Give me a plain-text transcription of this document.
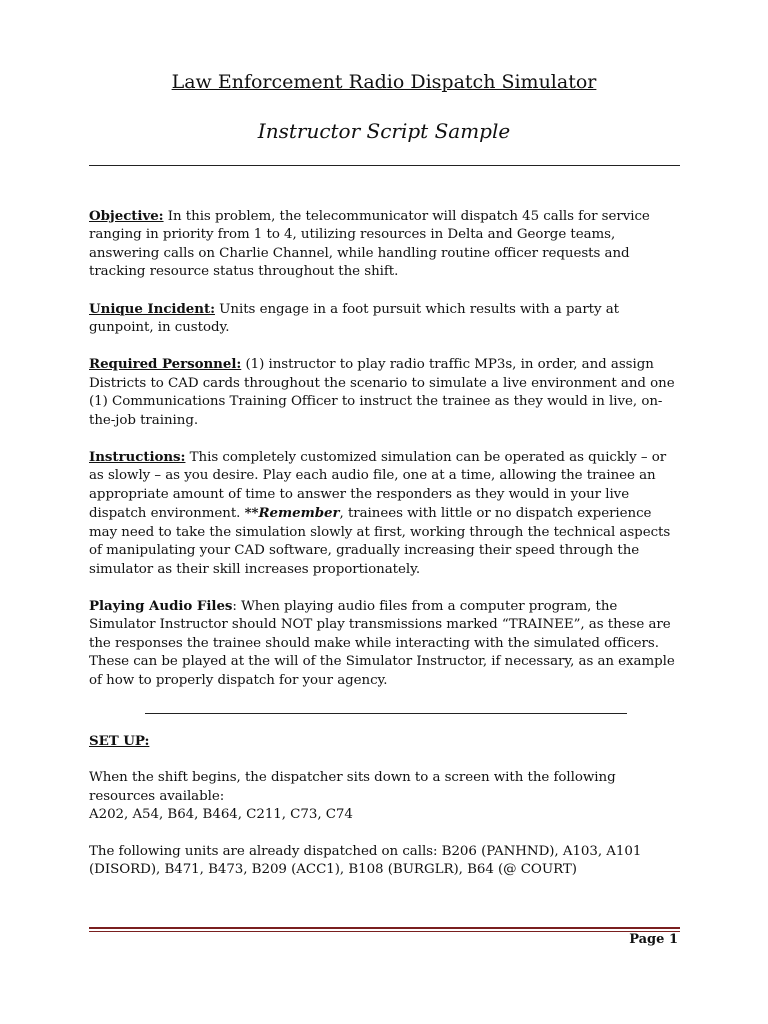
Law Enforcement Radio Dispatch Simulator
Instructor Script Sample

Objective: In this problem, the telecommunicator will dispatch 45 calls for service ranging in priority from 1 to 4, utilizing resources in Delta and George teams, answering calls on Charlie Channel, while handling routine officer requests and tracking resource status throughout the shift.

Unique Incident: Units engage in a foot pursuit which results with a party at gunpoint, in custody.

Required Personnel: (1) instructor to play radio traffic MP3s, in order, and assign Districts to CAD cards throughout the scenario to simulate a live environment and one (1) Communications Training Officer to instruct the trainee as they would in live, on-the-job training.

Instructions: This completely customized simulation can be operated as quickly – or as slowly – as you desire. Play each audio file, one at a time, allowing the trainee an appropriate amount of time to answer the responders as they would in your live dispatch environment. **Remember, trainees with little or no dispatch experience may need to take the simulation slowly at first, working through the technical aspects of manipulating your CAD software, gradually increasing their speed through the simulator as their skill increases proportionately.

Playing Audio Files: When playing audio files from a computer program, the Simulator Instructor should NOT play transmissions marked “TRAINEE”, as these are the responses the trainee should make while interacting with the simulated officers. These can be played at the will of the Simulator Instructor, if necessary, as an example of how to properly dispatch for your agency.

SET UP:

When the shift begins, the dispatcher sits down to a screen with the following resources available:
A202, A54, B64, B464, C211, C73, C74

The following units are already dispatched on calls: B206 (PANHND), A103, A101 (DISORD), B471, B473, B209 (ACC1), B108 (BURGLR), B64 (@ COURT)

Page 1
